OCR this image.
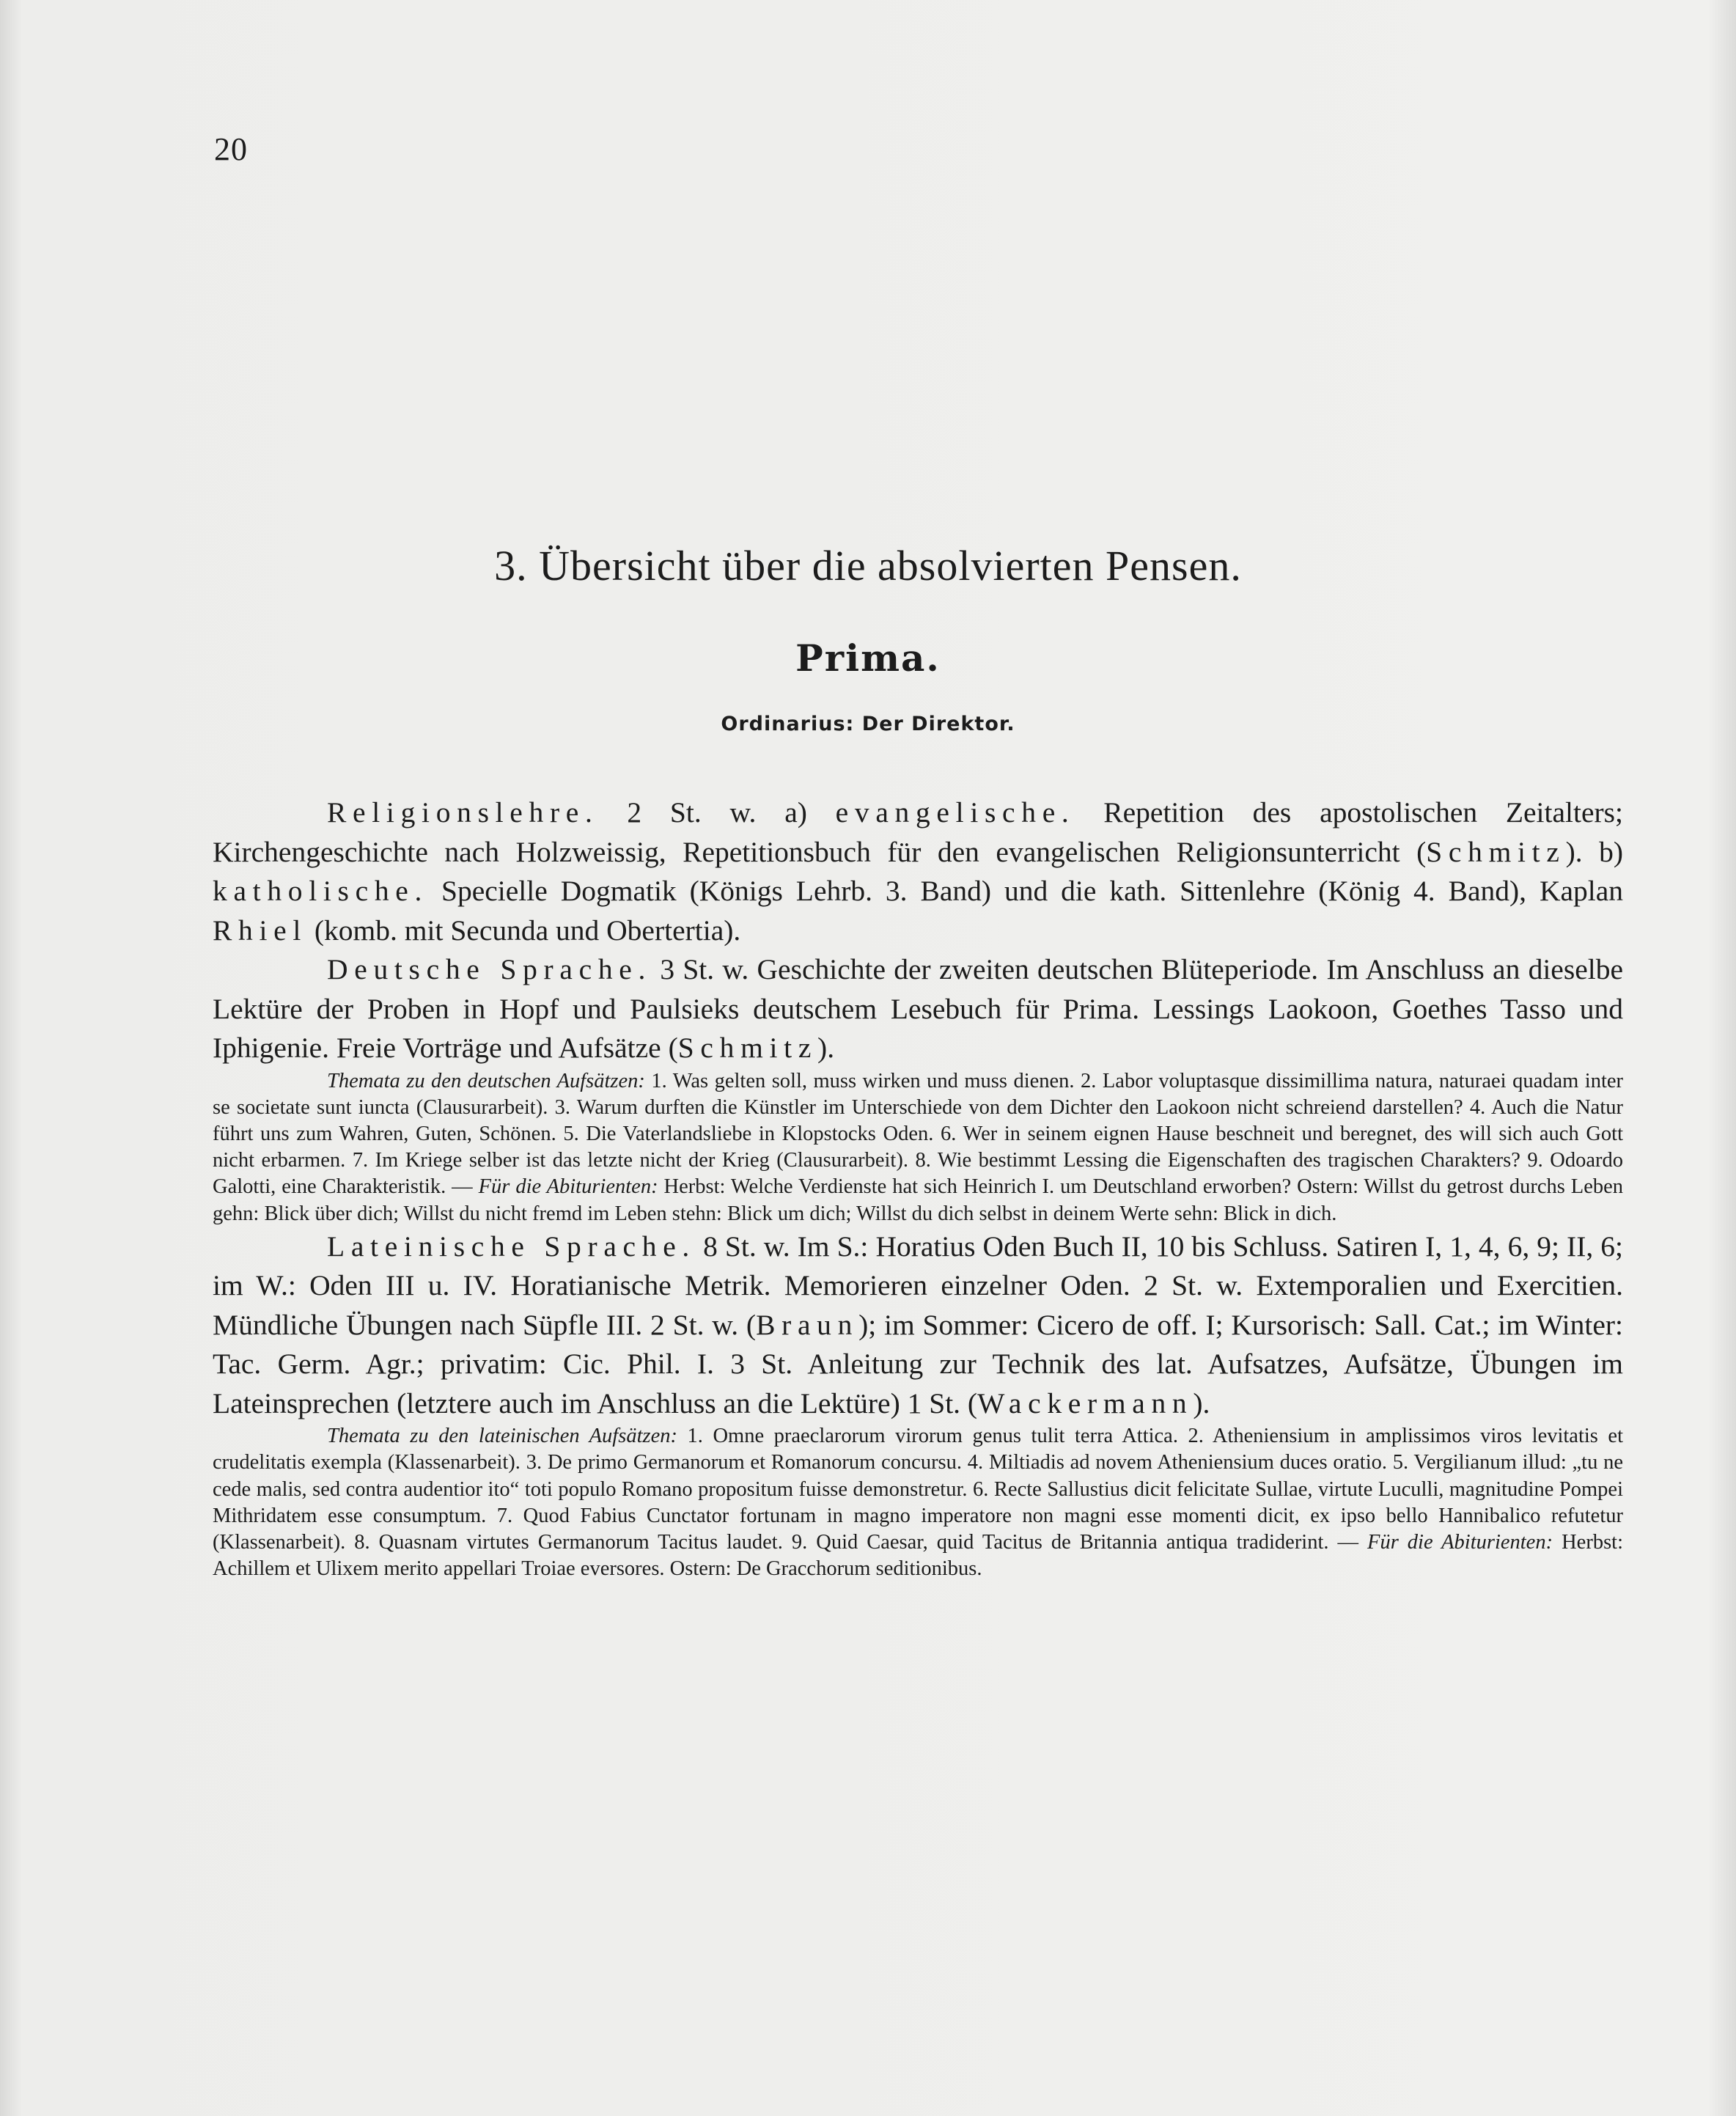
20
3. Übersicht über die absolvierten Pensen.
Prima.
Ordinarius: Der Direktor.

Religionslehre. 2 St. w. a) evangelische. Repetition des apostolischen Zeitalters; Kirchengeschichte nach Holzweissig, Repetitionsbuch für den evangelischen Religionsunterricht (Schmitz). b) katholische. Specielle Dogmatik (Königs Lehrb. 3. Band) und die kath. Sittenlehre (König 4. Band), Kaplan Rhiel (komb. mit Secunda und Obertertia).

Deutsche Sprache. 3 St. w. Geschichte der zweiten deutschen Blüteperiode. Im Anschluss an dieselbe Lektüre der Proben in Hopf und Paulsieks deutschem Lesebuch für Prima. Lessings Laokoon, Goethes Tasso und Iphigenie. Freie Vorträge und Aufsätze (Schmitz).

Themata zu den deutschen Aufsätzen: 1. Was gelten soll, muss wirken und muss dienen. 2. Labor voluptasque dissimillima natura, naturaei quadam inter se societate sunt iuncta (Clausurarbeit). 3. Warum durften die Künstler im Unterschiede von dem Dichter den Laokoon nicht schreiend darstellen? 4. Auch die Natur führt uns zum Wahren, Guten, Schönen. 5. Die Vaterlandsliebe in Klopstocks Oden. 6. Wer in seinem eignen Hause beschneit und beregnet, des will sich auch Gott nicht erbarmen. 7. Im Kriege selber ist das letzte nicht der Krieg (Clausurarbeit). 8. Wie bestimmt Lessing die Eigenschaften des tragischen Charakters? 9. Odoardo Galotti, eine Charakteristik. — Für die Abiturienten: Herbst: Welche Verdienste hat sich Heinrich I. um Deutschland erworben? Ostern: Willst du getrost durchs Leben gehn: Blick über dich; Willst du nicht fremd im Leben stehn: Blick um dich; Willst du dich selbst in deinem Werte sehn: Blick in dich.

Lateinische Sprache. 8 St. w. Im S.: Horatius Oden Buch II, 10 bis Schluss. Satiren I, 1, 4, 6, 9; II, 6; im W.: Oden III u. IV. Horatianische Metrik. Memorieren einzelner Oden. 2 St. w. Extemporalien und Exercitien. Mündliche Übungen nach Süpfle III. 2 St. w. (Braun); im Sommer: Cicero de off. I; Kursorisch: Sall. Cat.; im Winter: Tac. Germ. Agr.; privatim: Cic. Phil. I. 3 St. Anleitung zur Technik des lat. Aufsatzes, Aufsätze, Übungen im Lateinsprechen (letztere auch im Anschluss an die Lektüre) 1 St. (Wackermann).

Themata zu den lateinischen Aufsätzen: 1. Omne praeclarorum virorum genus tulit terra Attica. 2. Atheniensium in amplissimos viros levitatis et crudelitatis exempla (Klassenarbeit). 3. De primo Germanorum et Romanorum concursu. 4. Miltiadis ad novem Atheniensium duces oratio. 5. Vergilianum illud: „tu ne cede malis, sed contra audentior ito“ toti populo Romano propositum fuisse demonstretur. 6. Recte Sallustius dicit felicitate Sullae, virtute Luculli, magnitudine Pompei Mithridatem esse consumptum. 7. Quod Fabius Cunctator fortunam in magno imperatore non magni esse momenti dicit, ex ipso bello Hannibalico refutetur (Klassenarbeit). 8. Quasnam virtutes Germanorum Tacitus laudet. 9. Quid Caesar, quid Tacitus de Britannia antiqua tradiderint. — Für die Abiturienten: Herbst: Achillem et Ulixem merito appellari Troiae eversores. Ostern: De Gracchorum seditionibus.
